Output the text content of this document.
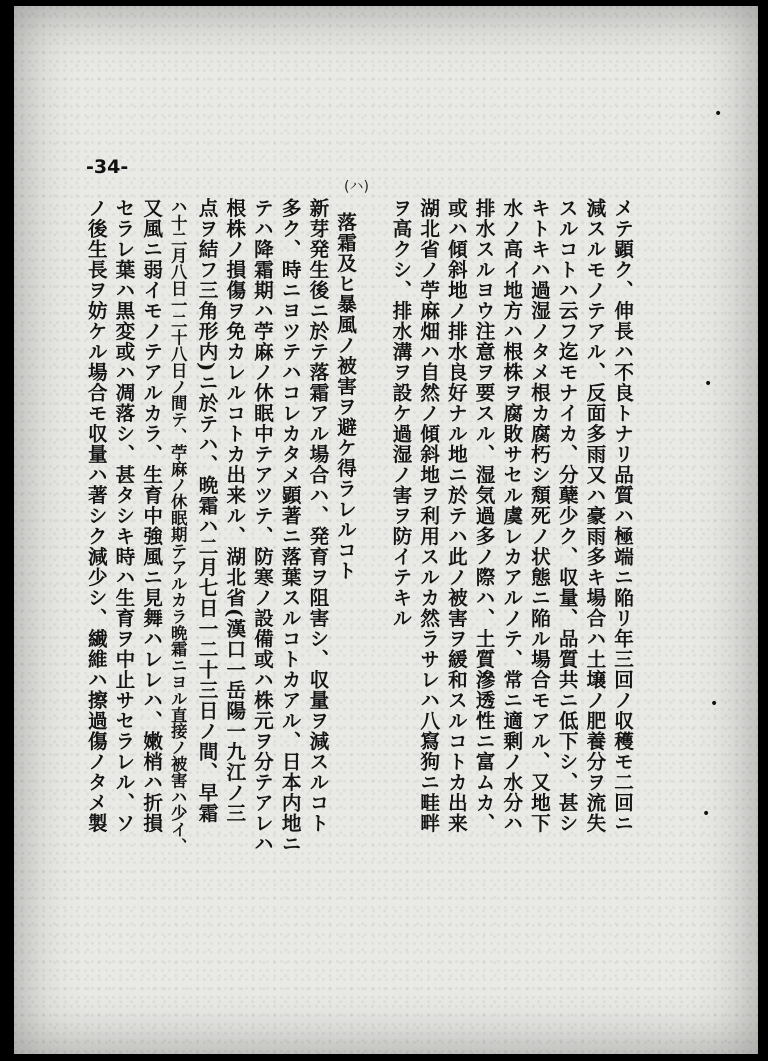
-34-
(ハ)
メテ顕ク、伸長ハ不良トナリ品質ハ極端ニ陥リ年三回ノ収穫モ二回ニ
減スルモノテアル、反面多雨又ハ豪雨多キ場合ハ土壌ノ肥養分ヲ流失
スルコトハ云フ迄モナイカ、分蘖少ク、収量、品質共ニ低下シ、甚シ
キトキハ過湿ノタメ根カ腐朽シ頽死ノ状態ニ陥ル場合モアル、又地下
水ノ高イ地方ハ根株ヲ腐敗サセル虞レカアルノテ、常ニ適剰ノ水分ハ
排水スルヨウ注意ヲ要スル、湿気過多ノ際ハ、土質滲透性ニ富ムカ、
或ハ傾斜地ノ排水良好ナル地ニ於テハ此ノ被害ヲ緩和スルコトカ出来
湖北省ノ苧麻畑ハ自然ノ傾斜地ヲ利用スルカ然ラサレハ八寫狗ニ畦畔
ヲ高クシ、排水溝ヲ設ケ過湿ノ害ヲ防イテキル
落霜及ヒ暴風ノ被害ヲ避ケ得ラレルコト
新芽発生後ニ於テ落霜アル場合ハ、発育ヲ阻害シ、収量ヲ減スルコト
多ク、時ニヨツテハコレカタメ顕著ニ落葉スルコトカアル、日本内地ニ
テハ降霜期ハ苧麻ノ休眠中テアツテ、防寒ノ設備或ハ株元ヲ分テアレハ
根株ノ損傷ヲ免カレルコトカ出来ル、湖北省(漢口一岳陽一九江ノ三
点ヲ結フ三角形内)ニ於テハ、晩霜ハ二月七日一二十三日ノ間、早霜
ハ十二月八日一二十八日ノ間テ、苧麻ノ休眠期テアルカラ晩霜ニヨル直接ノ被害ハ少イ、
又風ニ弱イモノテアルカラ、生育中強風ニ見舞ハレレハ、嫩梢ハ折損
セラレ葉ハ黒変或ハ凋落シ、甚タシキ時ハ生育ヲ中止サセラレル、ソ
ノ後生長ヲ妨ケル場合モ収量ハ著シク減少シ、繊維ハ擦過傷ノタメ製
•
•
•
•
